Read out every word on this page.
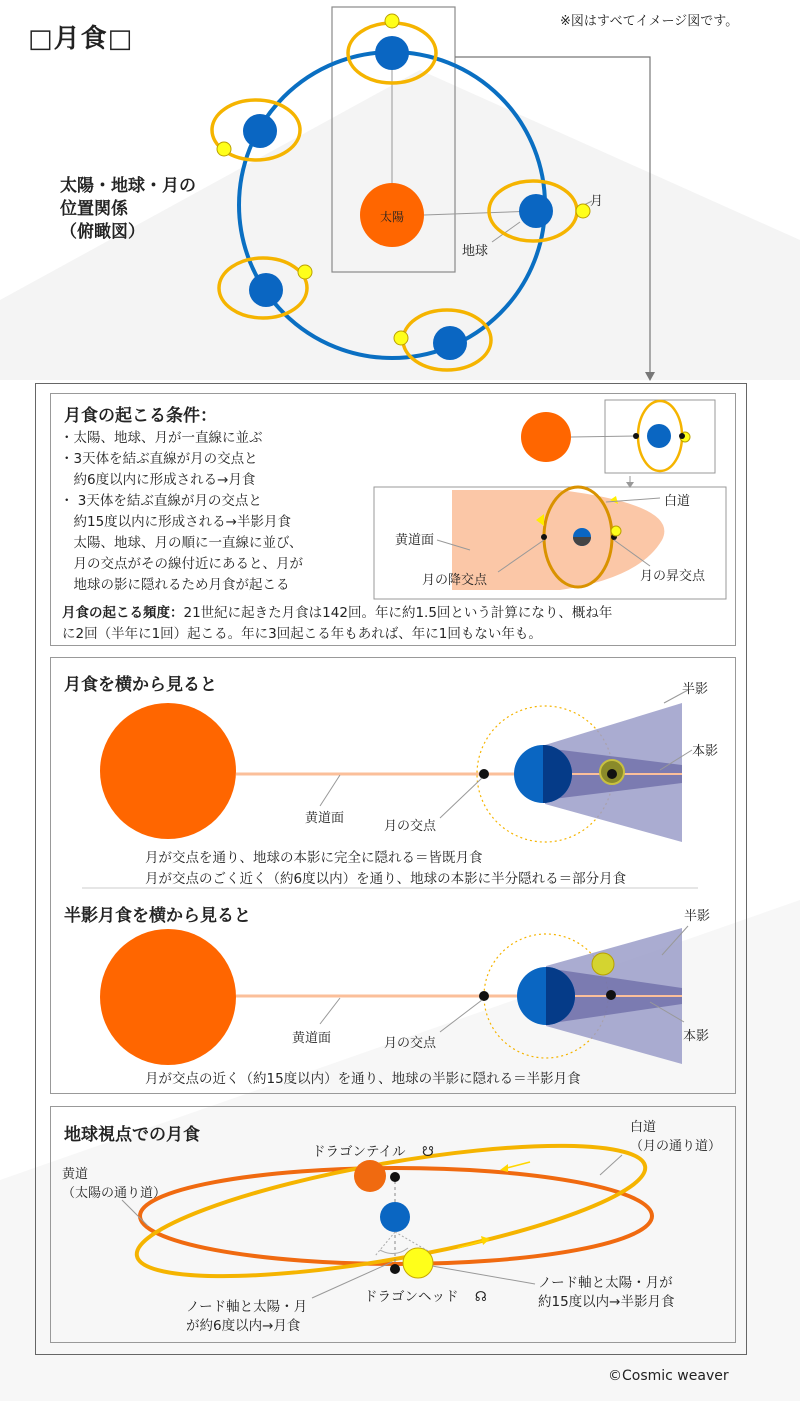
□月食□
※図はすべてイメージ図です。
太陽・地球・月の
位置関係
（俯瞰図）
太陽
月
地球
月食の起こる条件：
・太陽、地球、月が一直線に並ぶ
・3天体を結ぶ直線が月の交点と
　約6度以内に形成される→月食
・ 3天体を結ぶ直線が月の交点と
　約15度以内に形成される→半影月食
　太陽、地球、月の順に一直線に並び、
　月の交点がその線付近にあると、月が
　地球の影に隠れるため月食が起こる
月食の起こる頻度：21世紀に起きた月食は142回。年に約1.5回という計算になり、概ね年
に2回（半年に1回）起こる。年に3回起こる年もあれば、年に1回もない年も。
白道
黄道面
月の降交点	月の昇交点
月食を横から見ると	半影
本影
黄道面
月の交点
月が交点を通り、地球の本影に完全に隠れる＝皆既月食
月が交点のごく近く（約6度以内）を通り、地球の本影に半分隠れる＝部分月食
半影月食を横から見ると	半影
本影
黄道面	月の交点
月が交点の近く（約15度以内）を通り、地球の半影に隠れる＝半影月食
地球視点での月食	白道
（月の通り道）
黄道
（太陽の通り道）
ドラゴンテイル ☋
ドラゴンヘッド ☊
ノード軸と太陽・月が
約15度以内→半影月食
ノード軸と太陽・月
が約6度以内→月食
©Cosmic weaver
